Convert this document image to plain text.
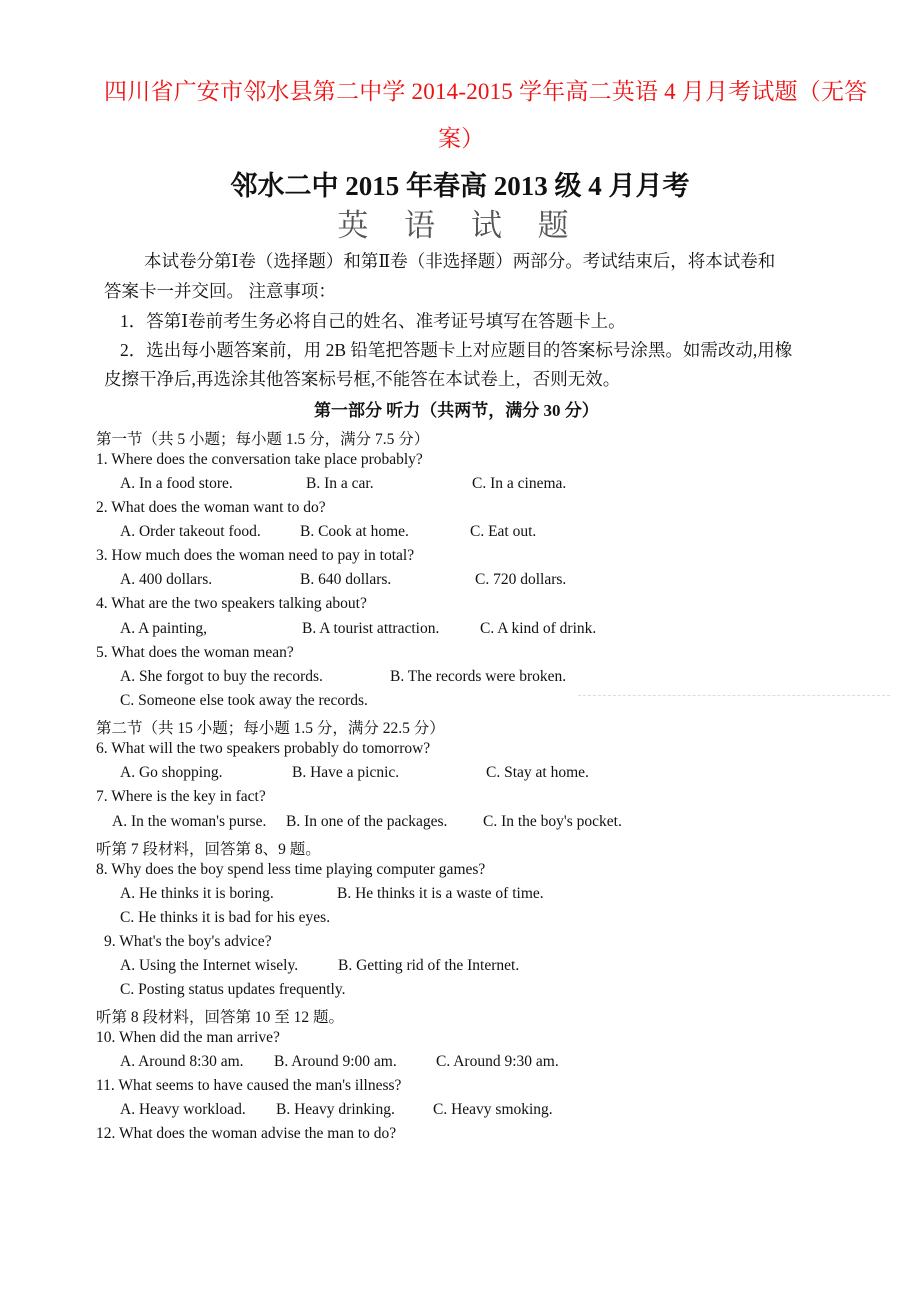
四川省广安市邻水县第二中学 2014-2015 学年高二英语 4 月月考试题（无答
案）
邻水二中 2015 年春高 2013 级 4 月月考
英 语 试 题
本试卷分第Ⅰ卷（选择题）和第Ⅱ卷（非选择题）两部分。考试结束后，将本试卷和
答案卡一并交回。 注意事项：
1．答第Ⅰ卷前考生务必将自己的姓名、准考证号填写在答题卡上。
2．选出每小题答案前，用 2B 铅笔把答题卡上对应题目的答案标号涂黑。如需改动,用橡
皮擦干净后,再选涂其他答案标号框,不能答在本试卷上，否则无效。
第一部分 听力（共两节，满分 30 分）
第一节（共 5 小题；每小题 1.5 分，满分 7.5 分）
1. Where does the conversation take place probably?
A. In a food store.	B. In a car.	C. In a cinema.
2. What does the woman want to do?
A. Order takeout food.	B. Cook at home.	C. Eat out.
3. How much does the woman need to pay in total?
A. 400 dollars.	B. 640 dollars.	C. 720 dollars.
4. What are the two speakers talking about?
A. A painting,	B. A tourist attraction.	C. A kind of drink.
5. What does the woman mean?
A. She forgot to buy the records.	B. The records were broken.
C. Someone else took away the records.
第二节（共 15 小题；每小题 1.5 分，满分 22.5 分）
6. What will the two speakers probably do tomorrow?
A. Go shopping.	B. Have a picnic.	C. Stay at home.
7. Where is the key in fact?
A. In the woman's purse. B. In one of the packages. C. In the boy's pocket.
听第 7 段材料，回答第 8、9 题。
8. Why does the boy spend less time playing computer games?
A. He thinks it is boring.	B. He thinks it is a waste of time.
C. He thinks it is bad for his eyes.
9. What's the boy's advice?
A. Using the Internet wisely.	B. Getting rid of the Internet.
C. Posting status updates frequently.
听第 8 段材料，回答第 10 至 12 题。
10. When did the man arrive?
A. Around 8:30 am. B. Around 9:00 am.	C. Around 9:30 am.
11. What seems to have caused the man's illness?
A. Heavy workload. B. Heavy drinking. C. Heavy smoking.
12. What does the woman advise the man to do?
